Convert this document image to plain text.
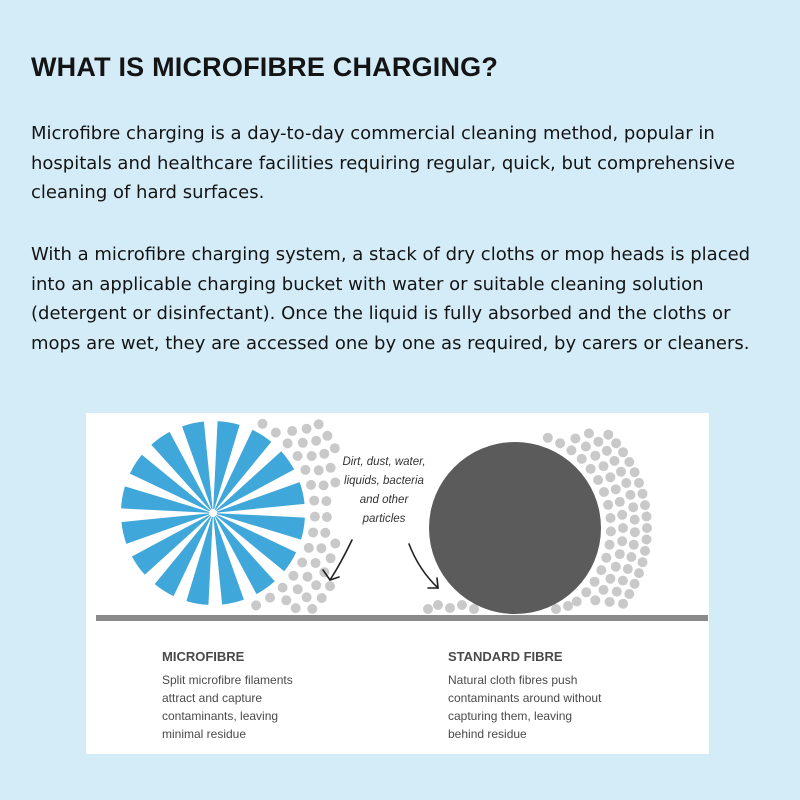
WHAT IS MICROFIBRE CHARGING?

Microfibre charging is a day-to-day commercial cleaning method, popular in hospitals and healthcare facilities requiring regular, quick, but comprehensive cleaning of hard surfaces.

With a microfibre charging system, a stack of dry cloths or mop heads is placed into an applicable charging bucket with water or suitable cleaning solution (detergent or disinfectant). Once the liquid is fully absorbed and the cloths or mops are wet, they are accessed one by one as required, by carers or cleaners.

Dirt, dust, water,
liquids, bacteria
and other
particles
MICROFIBRE
Split microfibre filaments
attract and capture
contaminants, leaving
minimal residue
STANDARD FIBRE
Natural cloth fibres push
contaminants around without
capturing them, leaving
behind residue
